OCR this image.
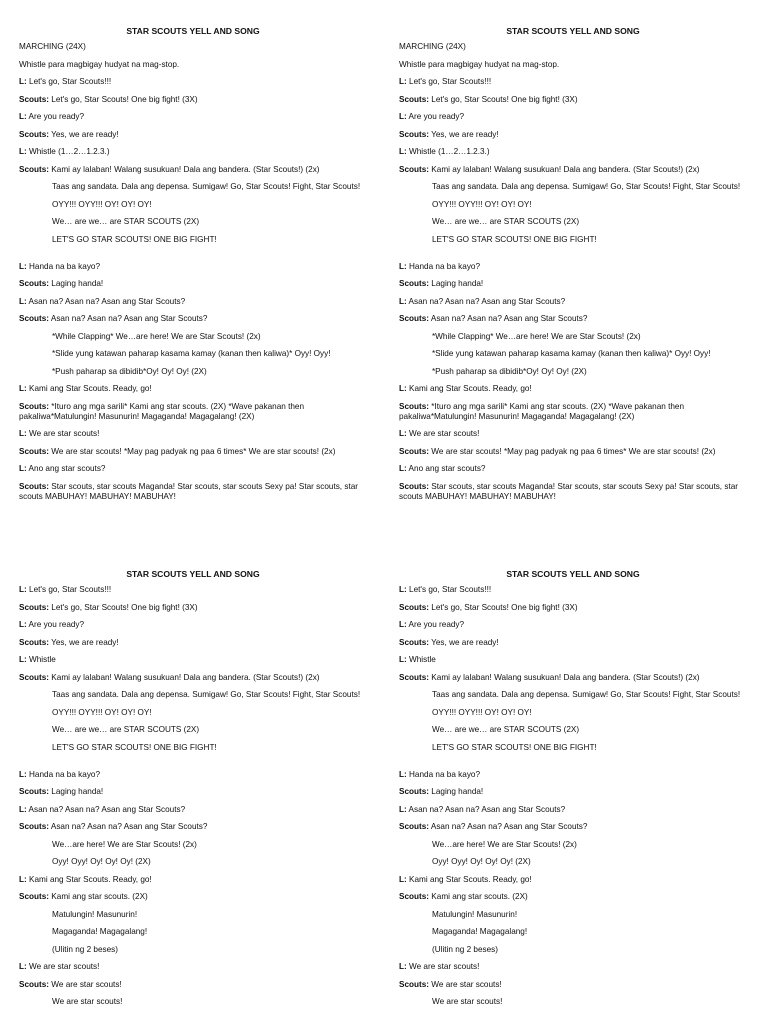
STAR SCOUTS YELL AND SONG
MARCHING (24X)
Whistle para magbigay hudyat na mag-stop.
L: Let's go, Star Scouts!!!
Scouts: Let's go, Star Scouts! One big fight! (3X)
L: Are you ready?
Scouts: Yes, we are ready!
L: Whistle (1…2…1.2.3.)
Scouts: Kami ay lalaban! Walang susukuan! Dala ang bandera. (Star Scouts!) (2x)
Taas ang sandata. Dala ang depensa. Sumigaw! Go, Star Scouts! Fight, Star Scouts!
OYY!!! OYY!!! OY! OY! OY!
We… are we… are STAR SCOUTS (2X)
LET'S GO STAR SCOUTS! ONE BIG FIGHT!
L: Handa na ba kayo?
Scouts: Laging handa!
L: Asan na? Asan na? Asan ang Star Scouts?
Scouts: Asan na? Asan na? Asan ang Star Scouts?
*While Clapping* We…are here! We are Star Scouts! (2x)
*Slide yung katawan paharap kasama kamay (kanan then kaliwa)* Oyy! Oyy!
*Push paharap sa dibidib*Oy! Oy! Oy! (2X)
L: Kami ang Star Scouts. Ready, go!
Scouts: *Ituro ang mga sarili* Kami ang star scouts. (2X) *Wave pakanan then pakaliwa*Matulungin! Masunurin! Magaganda! Magagalang! (2X)
L: We are star scouts!
Scouts: We are star scouts! *May pag padyak ng paa 6 times* We are star scouts! (2x)
L: Ano ang star scouts?
Scouts: Star scouts, star scouts Maganda! Star scouts, star scouts Sexy pa! Star scouts, star scouts MABUHAY! MABUHAY! MABUHAY!
STAR SCOUTS YELL AND SONG
MARCHING (24X)
Whistle para magbigay hudyat na mag-stop.
L: Let's go, Star Scouts!!!
Scouts: Let's go, Star Scouts! One big fight! (3X)
L: Are you ready?
Scouts: Yes, we are ready!
L: Whistle (1…2…1.2.3.)
Scouts: Kami ay lalaban! Walang susukuan! Dala ang bandera. (Star Scouts!) (2x)
Taas ang sandata. Dala ang depensa. Sumigaw! Go, Star Scouts! Fight, Star Scouts!
OYY!!! OYY!!! OY! OY! OY!
We… are we… are STAR SCOUTS (2X)
LET'S GO STAR SCOUTS! ONE BIG FIGHT!
L: Handa na ba kayo?
Scouts: Laging handa!
L: Asan na? Asan na? Asan ang Star Scouts?
Scouts: Asan na? Asan na? Asan ang Star Scouts?
*While Clapping* We…are here! We are Star Scouts! (2x)
*Slide yung katawan paharap kasama kamay (kanan then kaliwa)* Oyy! Oyy!
*Push paharap sa dibidib*Oy! Oy! Oy! (2X)
L: Kami ang Star Scouts. Ready, go!
Scouts: *Ituro ang mga sarili* Kami ang star scouts. (2X) *Wave pakanan then pakaliwa*Matulungin! Masunurin! Magaganda! Magagalang! (2X)
L: We are star scouts!
Scouts: We are star scouts! *May pag padyak ng paa 6 times* We are star scouts! (2x)
L: Ano ang star scouts?
Scouts: Star scouts, star scouts Maganda! Star scouts, star scouts Sexy pa! Star scouts, star scouts MABUHAY! MABUHAY! MABUHAY!
STAR SCOUTS YELL AND SONG
L: Let's go, Star Scouts!!!
Scouts: Let's go, Star Scouts! One big fight! (3X)
L: Are you ready?
Scouts: Yes, we are ready!
L: Whistle
Scouts: Kami ay lalaban! Walang susukuan! Dala ang bandera. (Star Scouts!) (2x)
Taas ang sandata. Dala ang depensa. Sumigaw! Go, Star Scouts! Fight, Star Scouts!
OYY!!! OYY!!! OY! OY! OY!
We… are we… are STAR SCOUTS (2X)
LET'S GO STAR SCOUTS! ONE BIG FIGHT!
L: Handa na ba kayo?
Scouts: Laging handa!
L: Asan na? Asan na? Asan ang Star Scouts?
Scouts: Asan na? Asan na? Asan ang Star Scouts?
We…are here! We are Star Scouts! (2x)
Oyy! Oyy! Oy! Oy! Oy! (2X)
L: Kami ang Star Scouts. Ready, go!
Scouts: Kami ang star scouts. (2X)
Matulungin! Masunurin!
Magaganda! Magagalang!
(Ulitin ng 2 beses)
L: We are star scouts!
Scouts: We are star scouts!
We are star scouts!
STAR SCOUTS YELL AND SONG
L: Let's go, Star Scouts!!!
Scouts: Let's go, Star Scouts! One big fight! (3X)
L: Are you ready?
Scouts: Yes, we are ready!
L: Whistle
Scouts: Kami ay lalaban! Walang susukuan! Dala ang bandera. (Star Scouts!) (2x)
Taas ang sandata. Dala ang depensa. Sumigaw! Go, Star Scouts! Fight, Star Scouts!
OYY!!! OYY!!! OY! OY! OY!
We… are we… are STAR SCOUTS (2X)
LET'S GO STAR SCOUTS! ONE BIG FIGHT!
L: Handa na ba kayo?
Scouts: Laging handa!
L: Asan na? Asan na? Asan ang Star Scouts?
Scouts: Asan na? Asan na? Asan ang Star Scouts?
We…are here! We are Star Scouts! (2x)
Oyy! Oyy! Oy! Oy! Oy! (2X)
L: Kami ang Star Scouts. Ready, go!
Scouts: Kami ang star scouts. (2X)
Matulungin! Masunurin!
Magaganda! Magagalang!
(Ulitin ng 2 beses)
L: We are star scouts!
Scouts: We are star scouts!
We are star scouts!
